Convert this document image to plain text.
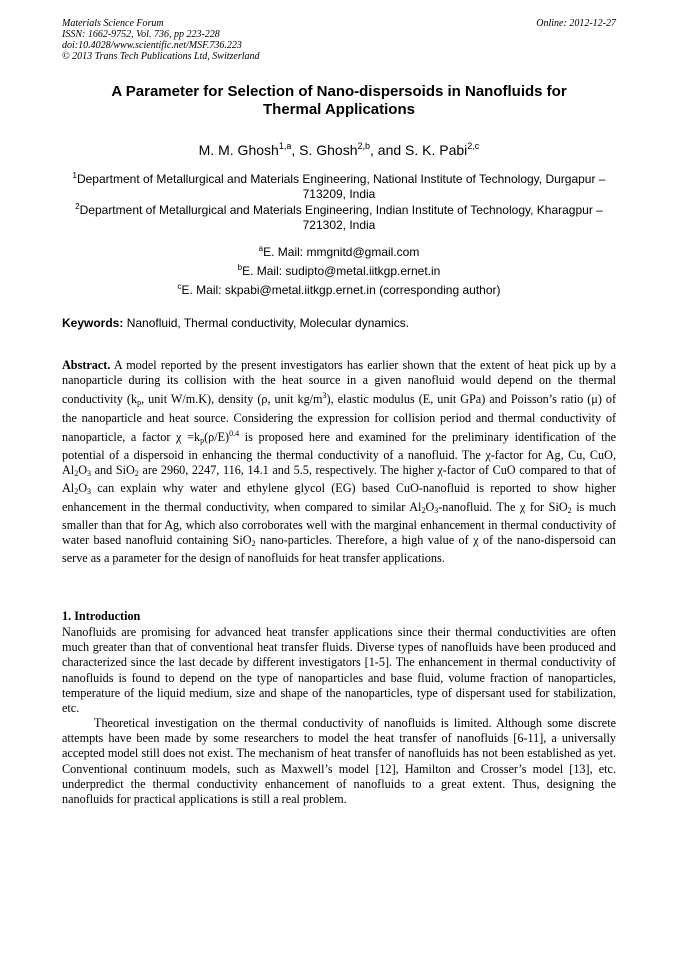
Materials Science Forum
ISSN: 1662-9752, Vol. 736, pp 223-228
doi:10.4028/www.scientific.net/MSF.736.223
© 2013 Trans Tech Publications Ltd, Switzerland
Online: 2012-12-27
A Parameter for Selection of Nano-dispersoids in Nanofluids for
Thermal Applications
M. M. Ghosh$^{1,a}$, S. Ghosh$^{2,b}$, and S. K. Pabi$^{2,c}$
$^1$Department of Metallurgical and Materials Engineering, National Institute of Technology, Durgapur – 713209, India
$^2$Department of Metallurgical and Materials Engineering, Indian Institute of Technology, Kharagpur – 721302, India
$^a$E. Mail: mmgnitd@gmail.com
$^b$E. Mail: sudipto@metal.iitkgp.ernet.in
$^c$E. Mail: skpabi@metal.iitkgp.ernet.in (corresponding author)
Keywords: Nanofluid, Thermal conductivity, Molecular dynamics.
Abstract. A model reported by the present investigators has earlier shown that the extent of heat pick up by a nanoparticle during its collision with the heat source in a given nanofluid would depend on the thermal conductivity ($k_p$, unit W/m.K), density (ρ, unit $kg/m^3$), elastic modulus (E, unit GPa) and Poisson’s ratio (μ) of the nanoparticle and heat source. Considering the expression for collision period and thermal conductivity of nanoparticle, a factor $\chi =k_p(\rho/E)^{0.4}$ is proposed here and examined for the preliminary identification of the potential of a dispersoid in enhancing the thermal conductivity of a nanofluid. The χ-factor for Ag, Cu, CuO, $Al_2O_3$ and SiO$_2$ are 2960, 2247, 116, 14.1 and 5.5, respectively. The higher χ-factor of CuO compared to that of $Al_2O_3$ can explain why water and ethylene glycol (EG) based CuO-nanofluid is reported to show higher enhancement in the thermal conductivity, when compared to similar $Al_2O_3$-nanofluid. The χ for SiO$_2$ is much smaller than that for Ag, which also corroborates well with the marginal enhancement in thermal conductivity of water based nanofluid containing SiO$_2$ nano-particles. Therefore, a high value of χ of the nano-dispersoid can serve as a parameter for the design of nanofluids for heat transfer applications.
1. Introduction
Nanofluids are promising for advanced heat transfer applications since their thermal conductivities are often much greater than that of conventional heat transfer fluids. Diverse types of nanofluids have been produced and characterized since the last decade by different investigators [1-5]. The enhancement in thermal conductivity of nanofluids is found to depend on the type of nanoparticles and base fluid, volume fraction of nanoparticles, temperature of the liquid medium, size and shape of the nanoparticles, type of dispersant used for stabilization, etc.
Theoretical investigation on the thermal conductivity of nanofluids is limited. Although some discrete attempts have been made by some researchers to model the heat transfer of nanofluids [6-11], a universally accepted model still does not exist. The mechanism of heat transfer of nanofluids has not been established as yet. Conventional continuum models, such as Maxwell’s model [12], Hamilton and Crosser’s model [13], etc. underpredict the thermal conductivity enhancement of nanofluids to a great extent. Thus, designing the nanofluids for practical applications is still a real problem.
